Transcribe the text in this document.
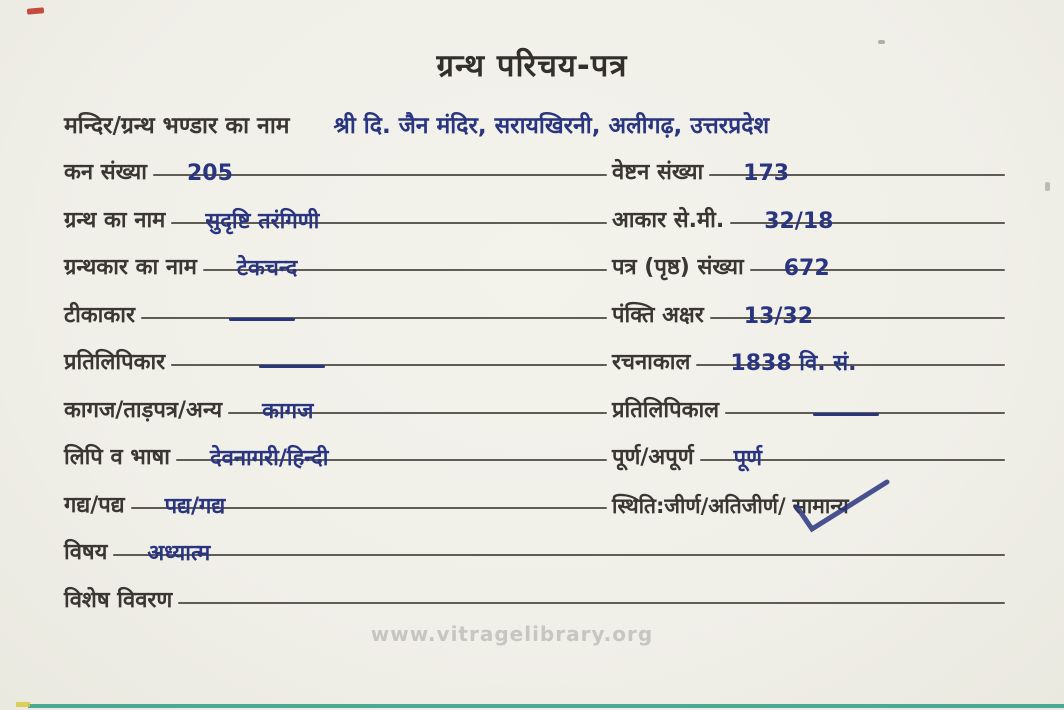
ग्रन्थ परिचय-पत्र
मन्दिर/ग्रन्थ भण्डार का नाम श्री दि. जैन मंदिर, सरायखिरनी, अलीगढ़, उत्तरप्रदेश
कन संख्या	205
ग्रन्थ का नाम	सुदृष्टि तरंगिणी
ग्रन्थकार का नाम	टेकचन्द
टीकाकार
प्रतिलिपिकार
कागज/ताड़पत्र/अन्य	कागज
लिपि व भाषा	देवनागरी/हिन्दी
गद्य/पद्य	पद्य/गद्य
वेष्टन संख्या	173
आकार से.मी.	32/18
पत्र (पृष्ठ) संख्या	672
पंक्ति अक्षर	13/32
रचनाकाल	1838 वि. सं.
प्रतिलिपिकाल
पूर्ण/अपूर्ण	पूर्ण
स्थिति:जीर्ण/अतिजीर्ण/ सामान्य
विषय	अध्यात्म
विशेष विवरण
www.vitragelibrary.org
